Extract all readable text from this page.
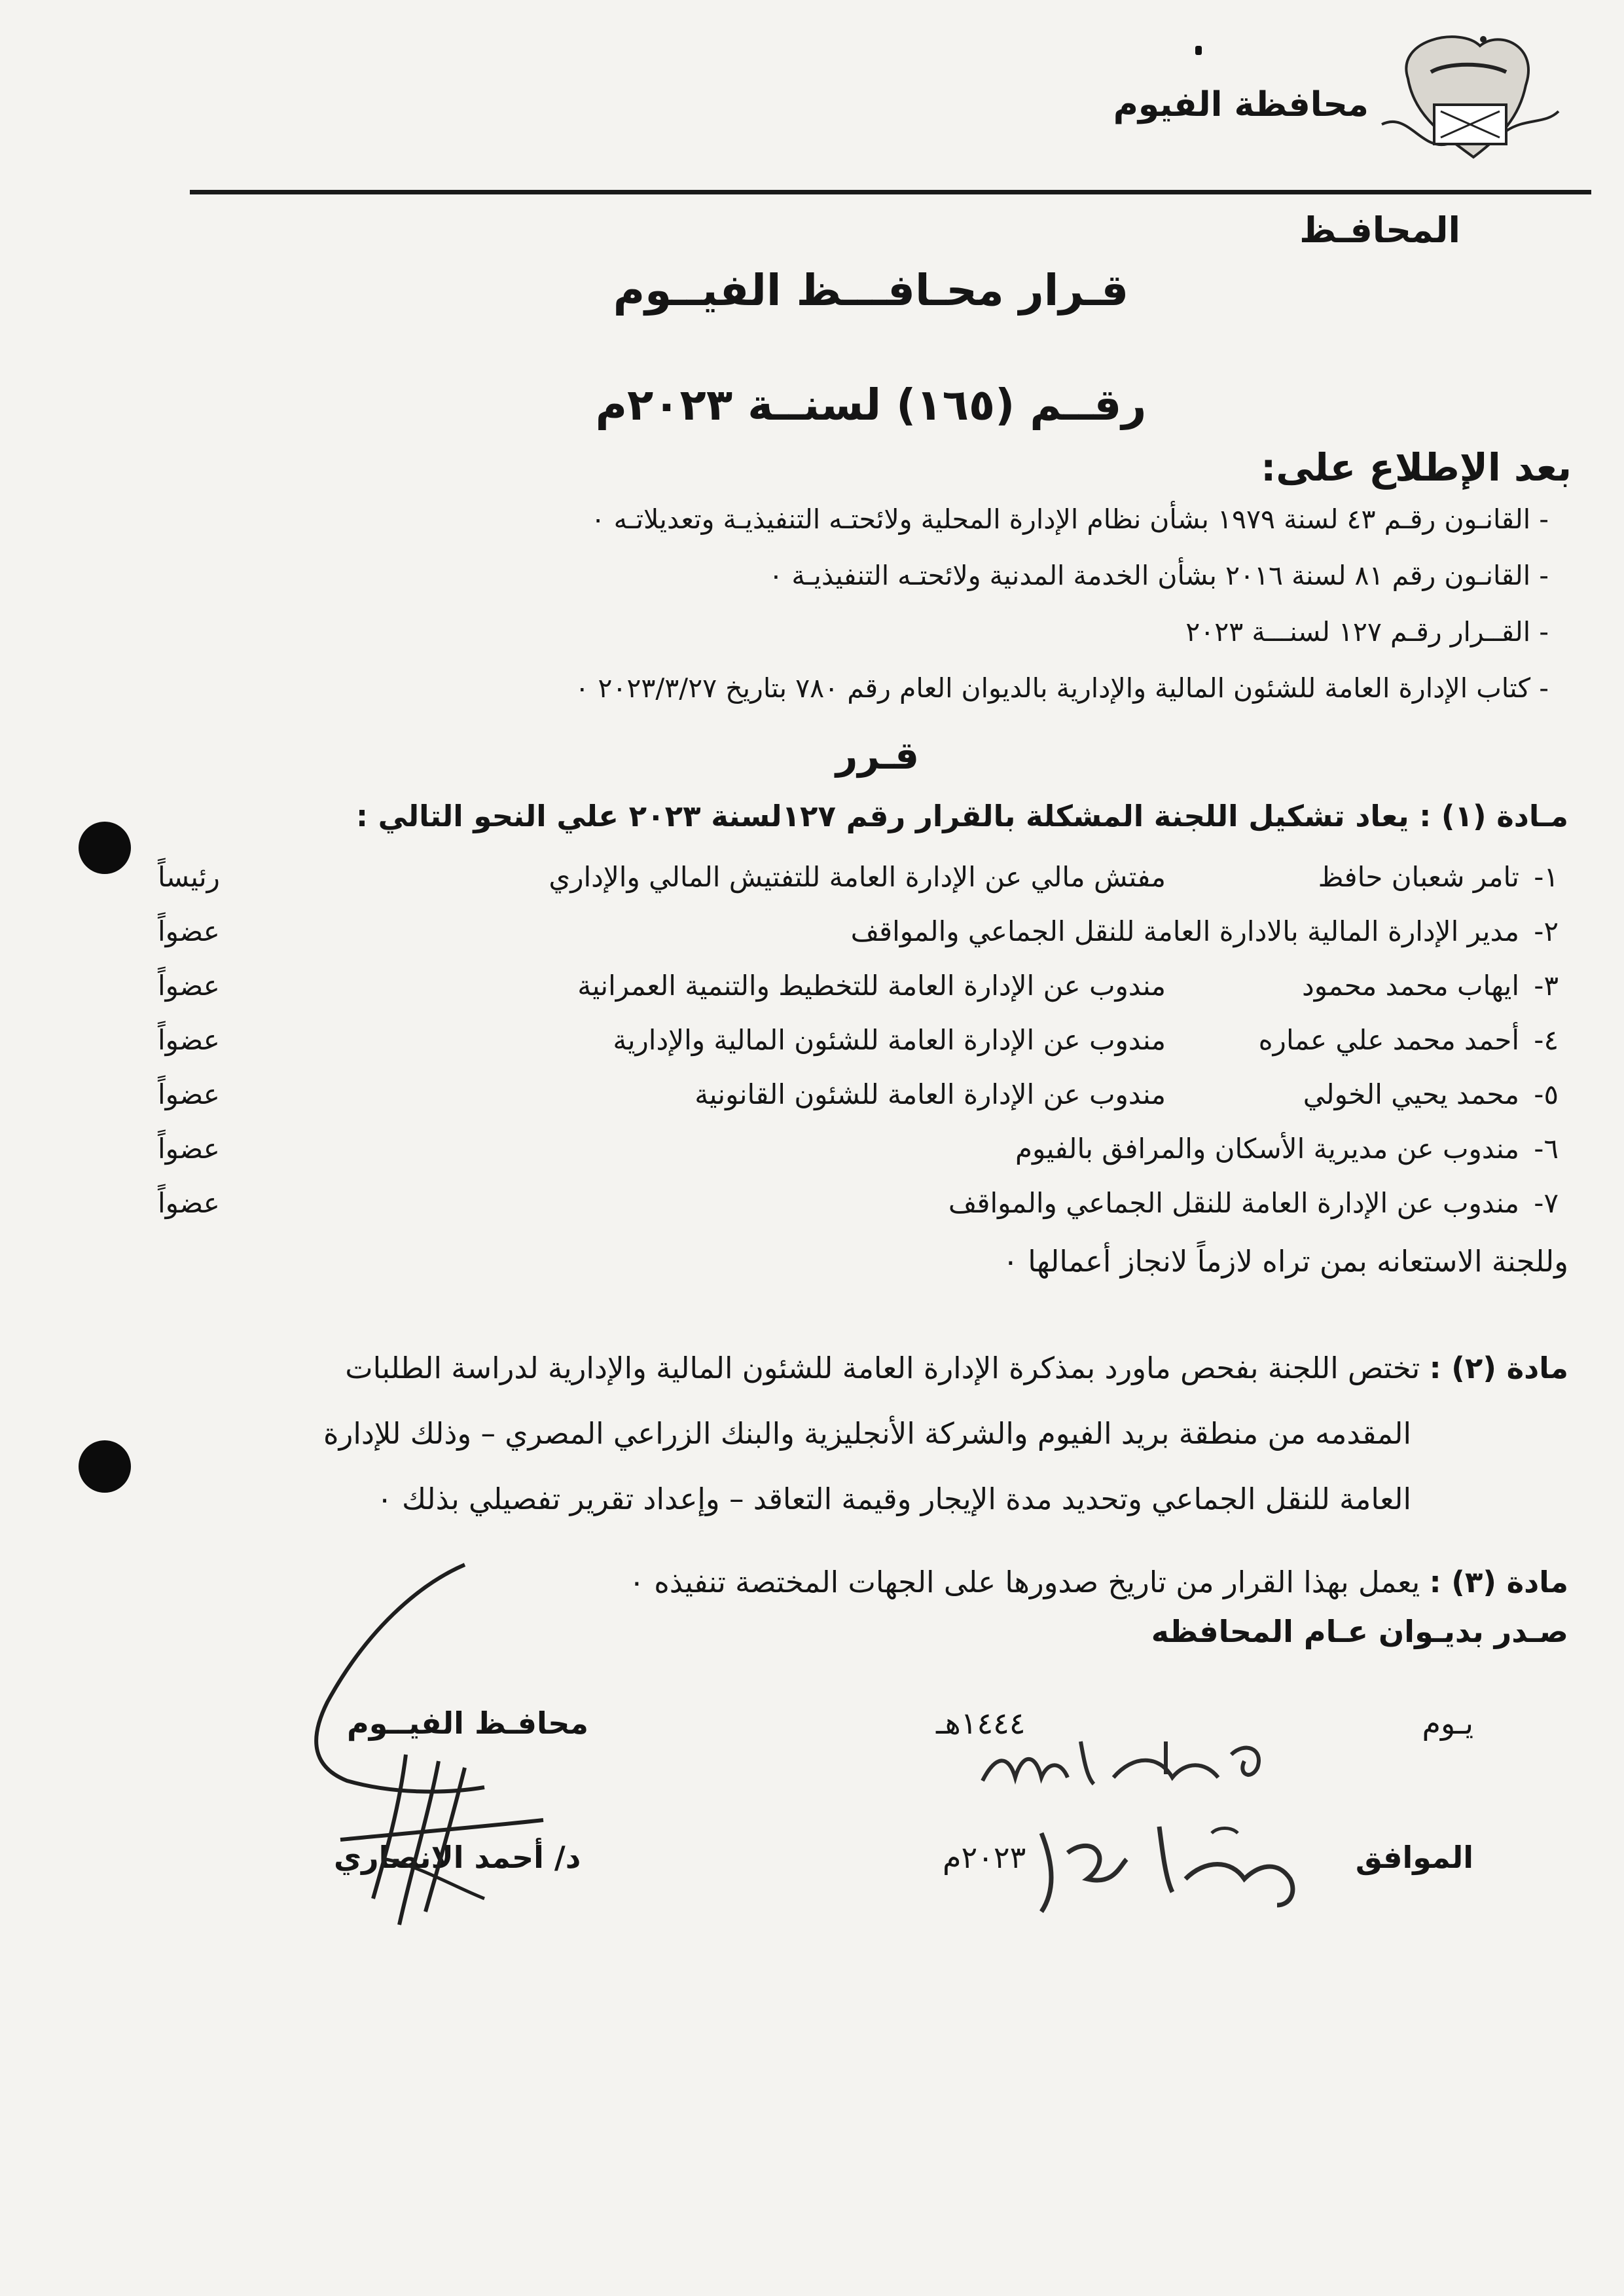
محافظة الفيوم
المحافـظ
قـرار محـافـــظ الفيــوم
رقــم (١٦٥) لسنــة ٢٠٢٣م
بعد الإطلاع على:
- القانـون رقـم ٤٣ لسنة ١٩٧٩ بشأن نظام الإدارة المحلية ولائحتـه التنفيذيـة وتعديلاتـه ٠
- القانـون رقم ٨١ لسنة ٢٠١٦ بشأن الخدمة المدنية ولائحتـه التنفيذيـة ٠
- القــرار رقـم ١٢٧ لسنـــة ٢٠٢٣
- كتاب الإدارة العامة للشئون المالية والإدارية بالديوان العام رقم ٧٨٠ بتاريخ ٢٠٢٣/٣/٢٧ ٠
قـرر
مـادة (١) : يعاد تشكيل اللجنة المشكلة بالقرار رقم ١٢٧لسنة ٢٠٢٣ علي النحو التالي :
١-
تامر شعبان حافظ
مفتش مالي عن الإدارة العامة للتفتيش المالي والإداري
رئيساً
٢-
مدير الإدارة المالية بالادارة العامة للنقل الجماعي والمواقف
عضواً
٣-
ايهاب محمد محمود
مندوب عن الإدارة العامة للتخطيط والتنمية العمرانية
عضواً
٤-
أحمد محمد علي عماره
مندوب عن الإدارة العامة للشئون المالية والإدارية
عضواً
٥-
محمد يحيي الخولي
مندوب عن الإدارة العامة للشئون القانونية
عضواً
٦-
مندوب عن مديرية الأسكان والمرافق بالفيوم
عضواً
٧-
مندوب عن الإدارة العامة للنقل الجماعي والمواقف
عضواً
وللجنة الاستعانه بمن تراه لازماً لانجاز أعمالها ٠
مادة (٢) : تختص اللجنة بفحص ماورد بمذكرة الإدارة العامة للشئون المالية والإدارية لدراسة الطلبات
المقدمه من منطقة بريد الفيوم والشركة الأنجليزية والبنك الزراعي المصري – وذلك للإدارة
العامة للنقل الجماعي وتحديد مدة الإيجار وقيمة التعاقد – وإعداد تقرير تفصيلي بذلك ٠
مادة (٣) : يعمل بهذا القرار من تاريخ صدورها على الجهات المختصة تنفيذه ٠
صـدر بديـوان عـام المحافظه
يـوم
١٤٤٤هـ
محافـظ الفيــوم
الموافق
٢٠٢٣م
د/ أحمد الانصاري
